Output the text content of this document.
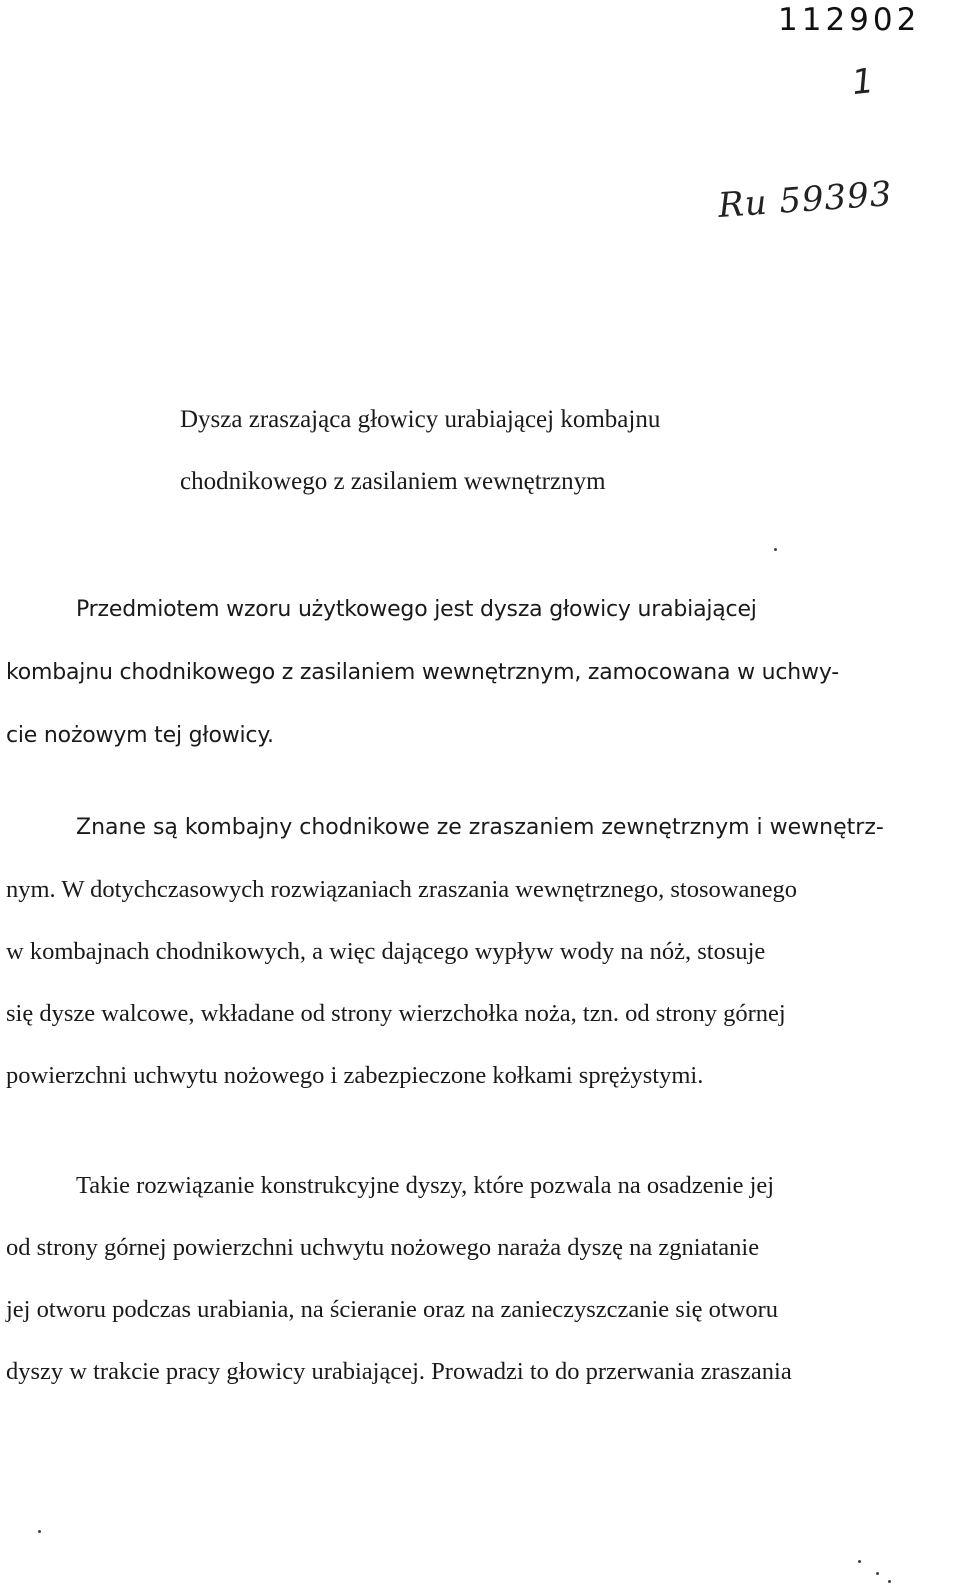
112902
1
Ru 59393
Dysza zraszająca głowicy urabiającej kombajnu
chodnikowego z zasilaniem wewnętrznym
Przedmiotem wzoru użytkowego jest dysza głowicy urabiającej
kombajnu chodnikowego z zasilaniem wewnętrznym, zamocowana w uchwy-
cie nożowym tej głowicy.
Znane są kombajny chodnikowe ze zraszaniem zewnętrznym i wewnętrz-
nym. W dotychczasowych rozwiązaniach zraszania wewnętrznego, stosowanego
w kombajnach chodnikowych, a więc dającego wypływ wody na nóż, stosuje
się dysze walcowe, wkładane od strony wierzchołka noża, tzn. od strony górnej
powierzchni uchwytu nożowego i zabezpieczone kołkami sprężystymi.
Takie rozwiązanie konstrukcyjne dyszy, które pozwala na osadzenie jej
od strony górnej powierzchni uchwytu nożowego naraża dyszę na zgniatanie
jej otworu podczas urabiania, na ścieranie oraz na zanieczyszczanie się otworu
dyszy w trakcie pracy głowicy urabiającej. Prowadzi to do przerwania zraszania
